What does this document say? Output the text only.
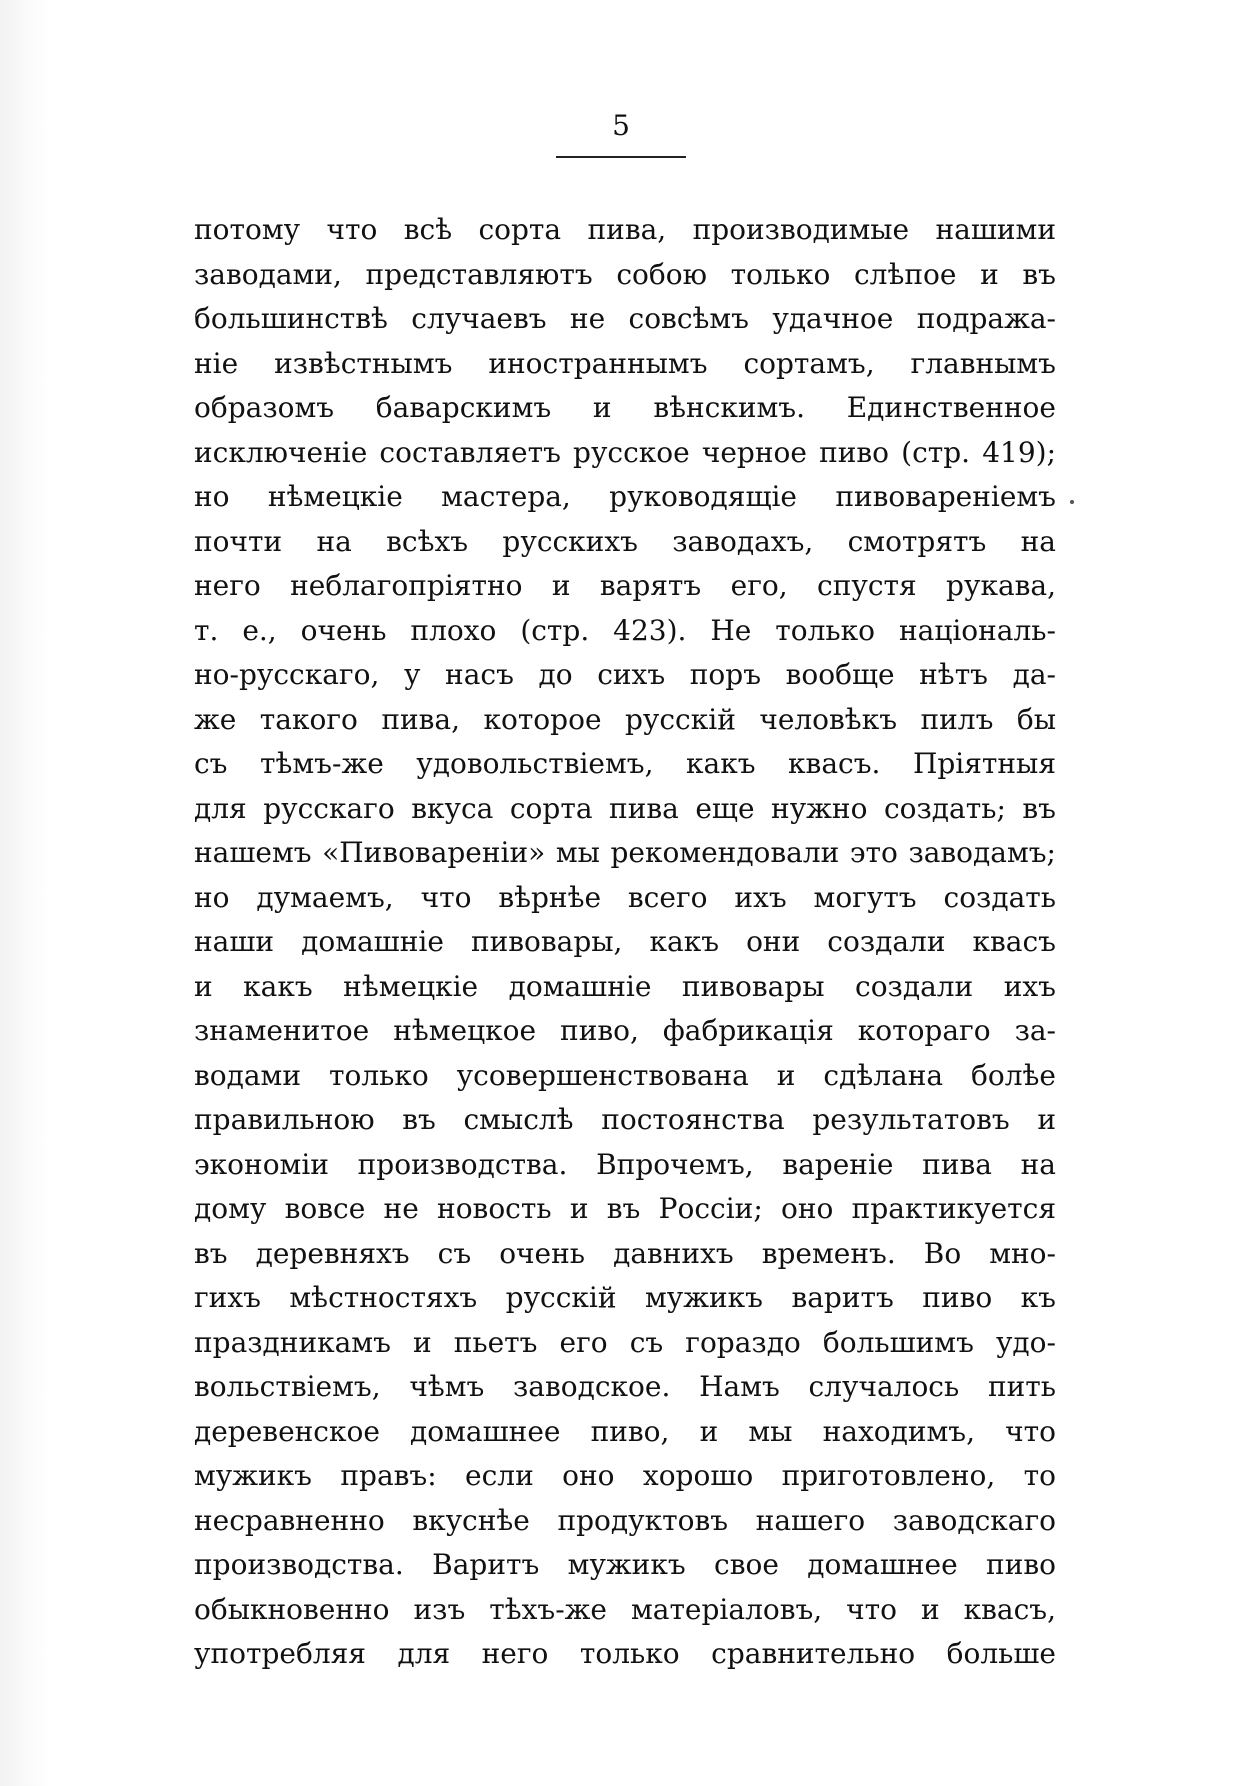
5
потому что всѣ сорта пива, производимые нашими
заводами, представляютъ собою только слѣпое и въ
большинствѣ случаевъ не совсѣмъ удачное подража-
нiе извѣстнымъ иностраннымъ сортамъ, главнымъ
образомъ баварскимъ и вѣнскимъ. Единственное
исключенiе составляетъ русское черное пиво (стр. 419);
но нѣмецкiе мастера, руководящiе пивоваренiемъ
почти на всѣхъ русскихъ заводахъ, смотрятъ на
него неблагопрiятно и варятъ его, спустя рукава,
т. е., очень плохо (стр. 423). Не только нацiональ-
но-русскаго, у насъ до сихъ поръ вообще нѣтъ да-
же такого пива, которое русскiй человѣкъ пилъ бы
съ тѣмъ-же удовольствiемъ, какъ квасъ. Прiятныя
для русскаго вкуса сорта пива еще нужно создать; въ
нашемъ «Пивоваренiи» мы рекомендовали это заводамъ;
но думаемъ, что вѣрнѣе всего ихъ могутъ создать
наши домашнiе пивовары, какъ они создали квасъ
и какъ нѣмецкiе домашнiе пивовары создали ихъ
знаменитое нѣмецкое пиво, фабрикацiя котораго за-
водами только усовершенствована и сдѣлана болѣе
правильною въ смыслѣ постоянства результатовъ и
экономiи производства. Впрочемъ, варенiе пива на
дому вовсе не новость и въ Россiи; оно практикуется
въ деревняхъ съ очень давнихъ временъ. Во мно-
гихъ мѣстностяхъ русскiй мужикъ варитъ пиво къ
праздникамъ и пьетъ его съ гораздо большимъ удо-
вольствiемъ, чѣмъ заводское. Намъ случалось пить
деревенское домашнее пиво, и мы находимъ, что
мужикъ правъ: если оно хорошо приготовлено, то
несравненно вкуснѣе продуктовъ нашего заводскаго
производства. Варитъ мужикъ свое домашнее пиво
обыкновенно изъ тѣхъ-же матерiаловъ, что и квасъ,
употребляя для него только сравнительно больше
